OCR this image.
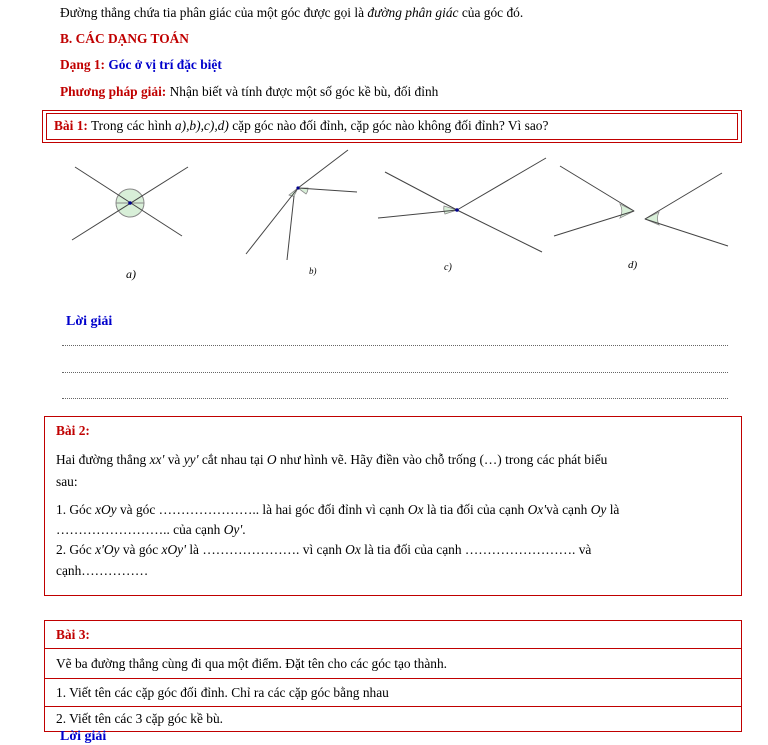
Đường thẳng chứa tia phân giác của một góc được gọi là đường phân giác của góc đó.
B. CÁC DẠNG TOÁN
Dạng 1: Góc ở vị trí đặc biệt
Phương pháp giải: Nhận biết và tính được một số góc kề bù, đối đỉnh
Bài 1: Trong các hình a),b),c),d) cặp góc nào đối đỉnh, cặp góc nào không đối đỉnh? Vì sao?
a)	b)	c)	d)
Lời giải
Bài 2:
Hai đường thẳng xx' và yy' cắt nhau tại O như hình vẽ. Hãy điền vào chỗ trống (…) trong các phát biểu
sau:
1. Góc xOy và góc ………………….. là hai góc đối đỉnh vì cạnh Ox là tia đối của cạnh Ox'và cạnh Oy là
…………………….. của cạnh Oy'.
2. Góc x'Oy và góc xOy' là …………………. vì cạnh Ox là tia đối của cạnh ……………………. và
cạnh……………
Bài 3:
Vẽ ba đường thẳng cùng đi qua một điểm. Đặt tên cho các góc tạo thành.
1. Viết tên các cặp góc đối đỉnh. Chỉ ra các cặp góc bằng nhau
2. Viết tên các 3 cặp góc kề bù.
Lời giải
